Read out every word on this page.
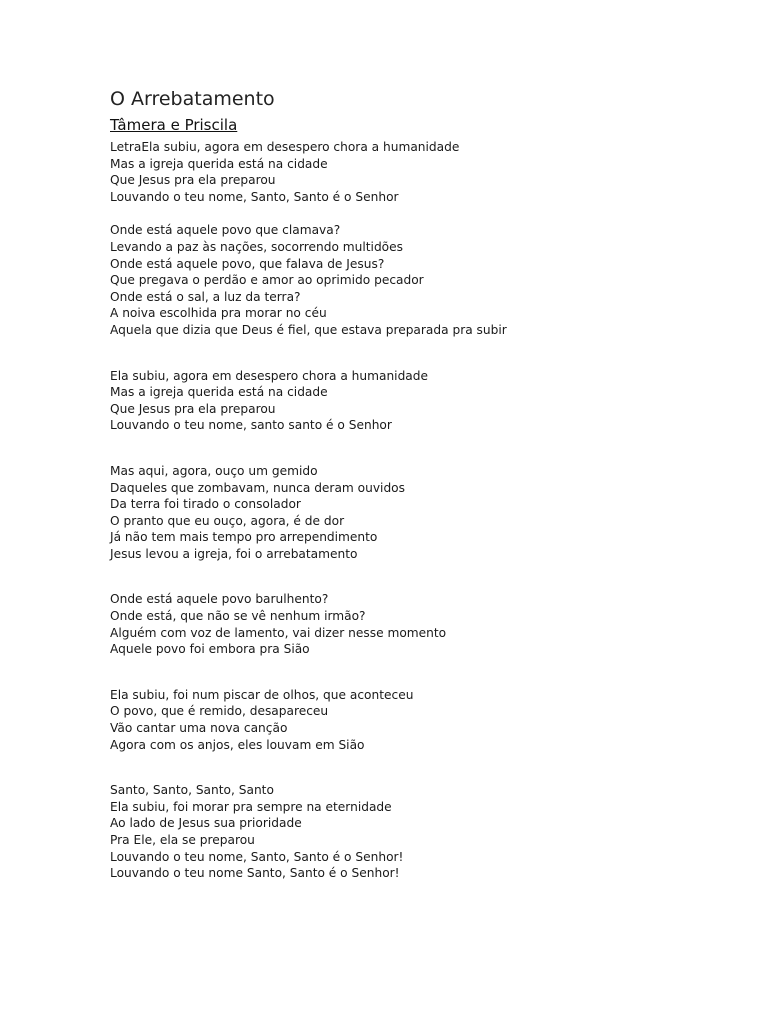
O Arrebatamento
Tâmera e Priscila
LetraEla subiu, agora em desespero chora a humanidade
Mas a igreja querida está na cidade
Que Jesus pra ela preparou
Louvando o teu nome, Santo, Santo é o Senhor
Onde está aquele povo que clamava?
Levando a paz às nações, socorrendo multidões
Onde está aquele povo, que falava de Jesus?
Que pregava o perdão e amor ao oprimido pecador
Onde está o sal, a luz da terra?
A noiva escolhida pra morar no céu
Aquela que dizia que Deus é fiel, que estava preparada pra subir
Ela subiu, agora em desespero chora a humanidade
Mas a igreja querida está na cidade
Que Jesus pra ela preparou
Louvando o teu nome, santo santo é o Senhor
Mas aqui, agora, ouço um gemido
Daqueles que zombavam, nunca deram ouvidos
Da terra foi tirado o consolador
O pranto que eu ouço, agora, é de dor
Já não tem mais tempo pro arrependimento
Jesus levou a igreja, foi o arrebatamento
Onde está aquele povo barulhento?
Onde está, que não se vê nenhum irmão?
Alguém com voz de lamento, vai dizer nesse momento
Aquele povo foi embora pra Sião
Ela subiu, foi num piscar de olhos, que aconteceu
O povo, que é remido, desapareceu
Vão cantar uma nova canção
Agora com os anjos, eles louvam em Sião
Santo, Santo, Santo, Santo
Ela subiu, foi morar pra sempre na eternidade
Ao lado de Jesus sua prioridade
Pra Ele, ela se preparou
Louvando o teu nome, Santo, Santo é o Senhor!
Louvando o teu nome Santo, Santo é o Senhor!
